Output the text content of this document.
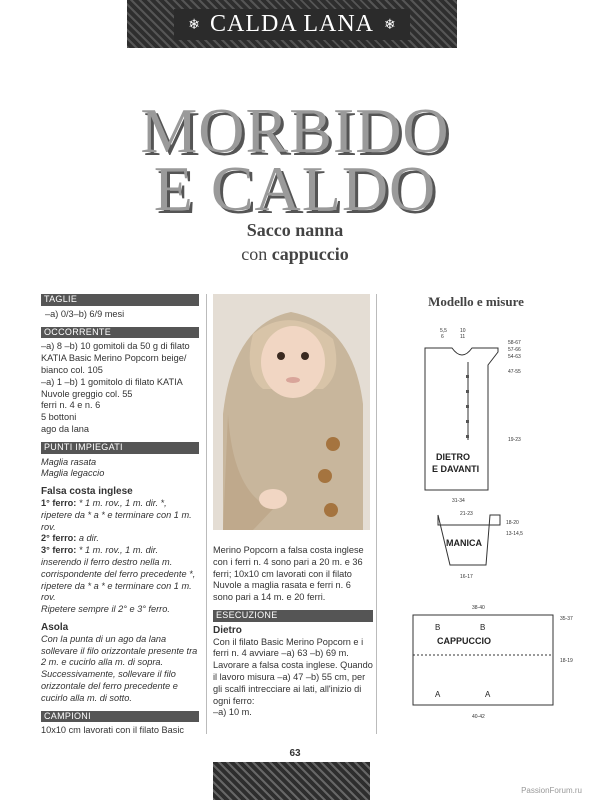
❄ CALDA LANA ❄
MORBIDO
E CALDO
Sacco nanna
con cappuccio
TAGLIE
–a) 0/3–b) 6/9 mesi
OCCORRENTE
–a) 8 –b) 10 gomitoli da 50 g di filato KATIA Basic Merino Popcorn beige/ bianco col. 105
–a) 1 –b) 1 gomitolo di filato KATIA Nuvole greggio col. 55
ferri n. 4 e n. 6
5 bottoni
ago da lana
PUNTI IMPIEGATI
Maglia rasata
Maglia legaccio
Falsa costa inglese
1° ferro: * 1 m. rov., 1 m. dir. *, ripetere da * a * e terminare con 1 m. rov.
2° ferro: a dir.
3° ferro: * 1 m. rov., 1 m. dir. inserendo il ferro destro nella m. corrispondente del ferro precedente *, ripetere da * a * e terminare con 1 m. rov.
Ripetere sempre il 2° e 3° ferro.
Asola
Con la punta di un ago da lana sollevare il filo orizzontale presente tra 2 m. e cucirlo alla m. di sopra. Successivamente, sollevare il filo orizzontale del ferro precedente e cucirlo alla m. di sotto.
CAMPIONI
10x10 cm lavorati con il filato Basic
Merino Popcorn a falsa costa inglese con i ferri n. 4 sono pari a 20 m. e 36 ferri; 10x10 cm lavorati con il filato Nuvole a maglia rasata e ferri n. 6 sono pari a 14 m. e 20 ferri.
ESECUZIONE
Dietro
Con il filato Basic Merino Popcorn e i ferri n. 4 avviare –a) 63 –b) 69 m. Lavorare a falsa costa inglese. Quando il lavoro misura –a) 47 –b) 55 cm, per gli scalfi intrecciare ai lati, all'inizio di ogni ferro:
–a) 10 m.
Modello e misure
5,5
6
10
11
58-67
57-66
54-63
47-55
19-23
31-34
21-23
18-20
13-14,5
16-17
38-40
35-37
18-19
40-42
DIETRO
E DAVANTI
MANICA
CAPPUCCIO
B	B
A	A
63
PassionForum.ru
